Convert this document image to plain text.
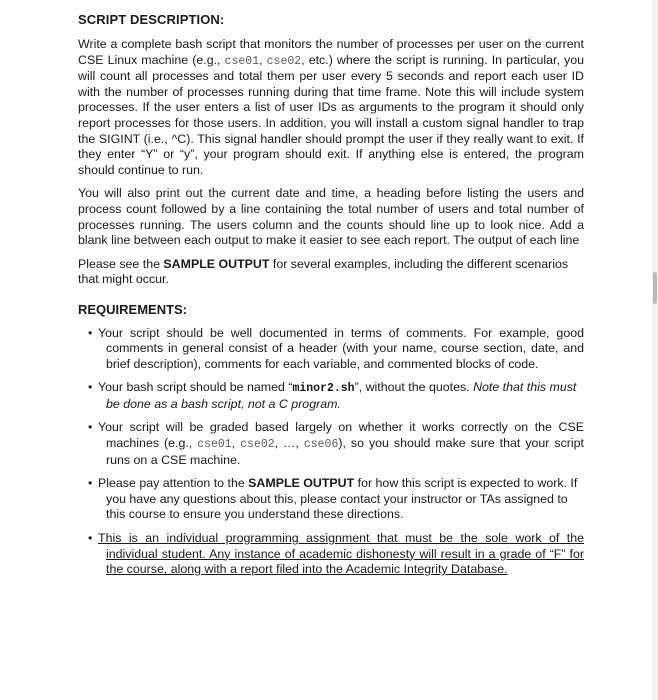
SCRIPT DESCRIPTION:

Write a complete bash script that monitors the number of processes per user on the current CSE Linux machine (e.g., cse01, cse02, etc.) where the script is running. In particular, you will count all processes and total them per user every 5 seconds and report each user ID with the number of processes running during that time frame. Note this will include system processes. If the user enters a list of user IDs as arguments to the program it should only report processes for those users. In addition, you will install a custom signal handler to trap the SIGINT (i.e., ^C). This signal handler should prompt the user if they really want to exit. If they enter “Y” or “y”, your program should exit. If anything else is entered, the program should continue to run.

You will also print out the current date and time, a heading before listing the users and process count followed by a line containing the total number of users and total number of processes running. The users column and the counts should line up to look nice. Add a blank line between each output to make it easier to see each report. The output of each line

Please see the SAMPLE OUTPUT for several examples, including the different scenarios that might occur.

REQUIREMENTS:
• Your script should be well documented in terms of comments. For example, good comments in general consist of a header (with your name, course section, date, and brief description), comments for each variable, and commented blocks of code.
• Your bash script should be named “minor2.sh”, without the quotes. Note that this must be done as a bash script, not a C program.
• Your script will be graded based largely on whether it works correctly on the CSE machines (e.g., cse01, cse02, …, cse06), so you should make sure that your script runs on a CSE machine.
• Please pay attention to the SAMPLE OUTPUT for how this script is expected to work. If you have any questions about this, please contact your instructor or TAs assigned to this course to ensure you understand these directions.
• This is an individual programming assignment that must be the sole work of the individual student. Any instance of academic dishonesty will result in a grade of “F” for the course, along with a report filed into the Academic Integrity Database.
